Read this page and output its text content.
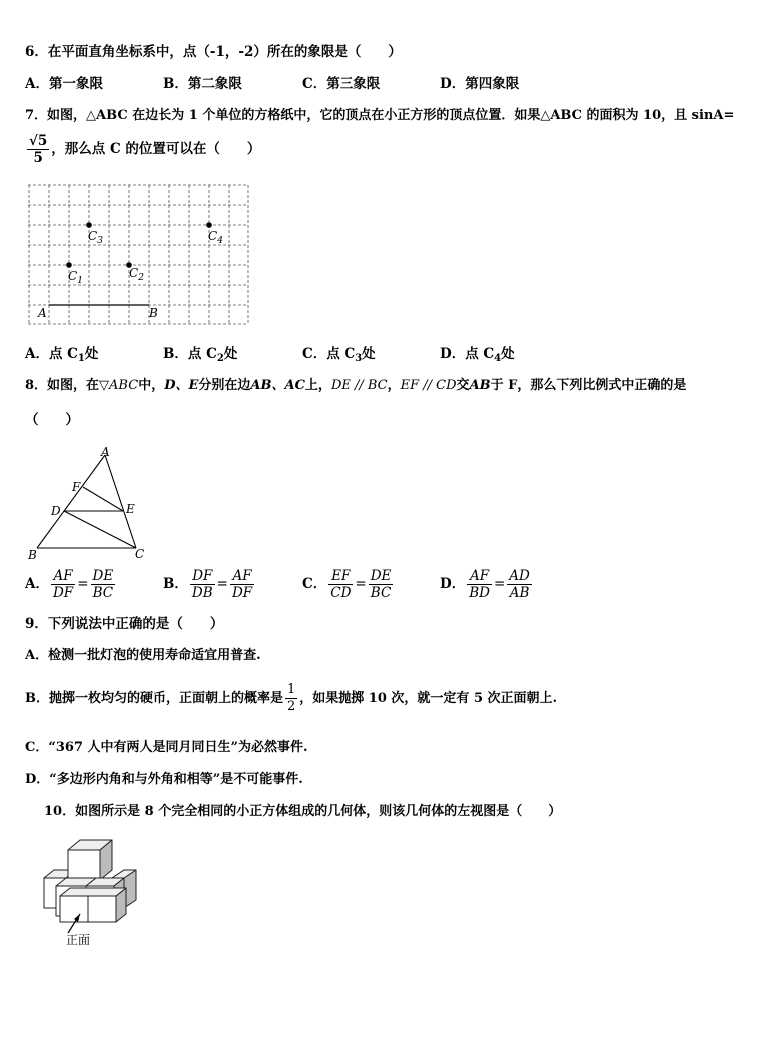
6．在平面直角坐标系中，点（-1，-2）所在的象限是（　　）
A．第一象限	B．第二象限	C．第三象限	D．第四象限
7．如图，△ABC 在边长为 1 个单位的方格纸中，它的顶点在小正方形的顶点位置．如果△ABC 的面积为 10，且 sinA=
$\frac{√5}{5}$ ，那么点 C 的位置可以在（　　）
$C_3$	$C_4$
$C_1$
$C_2$
A	B
A．点 $C_1$处	B．点 $C_2$处	C．点 $C_3$处	D．点 $C_4$处
8．如图，在▽ABC中，D、E分别在边AB、AC上，DE // BC，EF // CD交AB于 F，那么下列比例式中正确的是
（　　）
A
B	C
D	E
F
A． $\frac{AF}{DF} = \frac{DE}{BC}$	B． $\frac{DF}{DB} = \frac{AF}{DF}$	C． $\frac{EF}{CD} = \frac{DE}{BC}$	D． $\frac{AF}{BD} = \frac{AD}{AB}$
9．下列说法中正确的是（　　）
A．检测一批灯泡的使用寿命适宜用普查.
B．抛掷一枚均匀的硬币，正面朝上的概率是 $\frac{1}{2}$ ，如果抛掷 10 次，就一定有 5 次正面朝上.
C．“367 人中有两人是同月同日生”为必然事件.
D．“多边形内角和与外角和相等”是不可能事件.
10．如图所示是 8 个完全相同的小正方体组成的几何体，则该几何体的左视图是（　　）
正面
